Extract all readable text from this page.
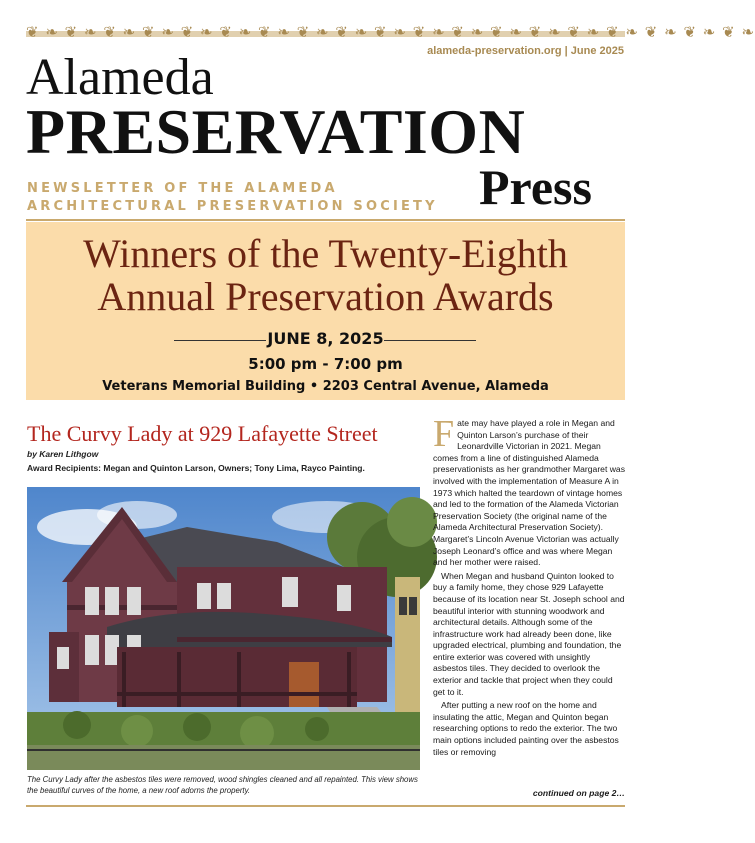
❦ ❧ ❦ ❧ ❦ ❧ ❦ ❧ ❦ ❧ ❦ ❧ ❦ ❧ ❦ ❧ ❦ ❧ ❦ ❧ ❦ ❧ ❦ ❧ ❦ ❧ ❦ ❧ ❦ ❧ ❦ ❧ ❦ ❧ ❦ ❧ ❦ ❧
alameda-preservation.org | June 2025
Alameda
PRESERVATION
NEWSLETTER OF THE ALAMEDA
ARCHITECTURAL PRESERVATION SOCIETY Press
Winners of the Twenty-Eighth
Annual Preservation Awards
JUNE 8, 2025
5:00 pm - 7:00 pm
Veterans Memorial Building • 2203 Central Avenue, Alameda
The Curvy Lady at 929 Lafayette Street
by Karen Lithgow
Award Recipients: Megan and Quinton Larson, Owners; Tony Lima, Rayco Painting.
The Curvy Lady after the asbestos tiles were removed, wood shingles cleaned and all repainted. This view shows the beautiful curves of the home, a new roof adorns the property.

Fate may have played a role in Megan and Quinton Larson’s purchase of their Leonardville Victorian in 2021. Megan comes from a line of distinguished Alameda preservationists as her grandmother Margaret was involved with the implementation of Measure A in 1973 which halted the teardown of vintage homes and led to the formation of the Alameda Victorian Preservation Society (the original name of the Alameda Architectural Preservation Society). Margaret’s Lincoln Avenue Victorian was actually Joseph Leonard’s office and was where Megan and her mother were raised.

When Megan and husband Quinton looked to buy a family home, they chose 929 Lafayette because of its location near St. Joseph school and beautiful interior with stunning woodwork and architectural details. Although some of the infrastructure work had already been done, like upgraded electrical, plumbing and foundation, the entire exterior was covered with unsightly asbestos tiles. They decided to overlook the exterior and tackle that project when they could get to it.

After putting a new roof on the home and insulating the attic, Megan and Quinton began researching options to redo the exterior. The two main options included painting over the asbestos tiles or removing

continued on page 2…
